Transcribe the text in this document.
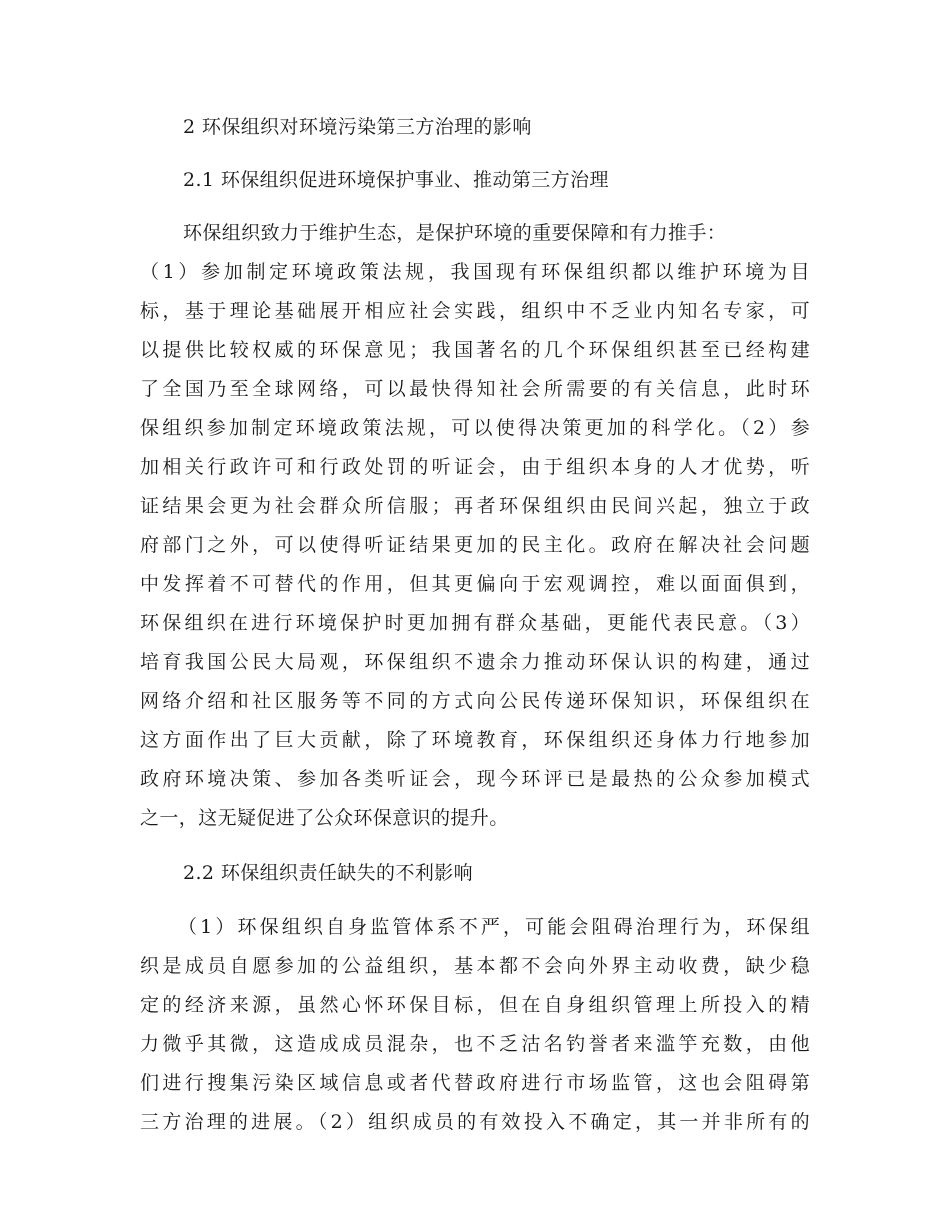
2 环保组织对环境污染第三方治理的影响
2.1 环保组织促进环境保护事业、推动第三方治理
环保组织致力于维护生态，是保护环境的重要保障和有力推手：
（1）参加制定环境政策法规，我国现有环保组织都以维护环境为目
标，基于理论基础展开相应社会实践，组织中不乏业内知名专家，可
以提供比较权威的环保意见；我国著名的几个环保组织甚至已经构建
了全国乃至全球网络，可以最快得知社会所需要的有关信息，此时环
保组织参加制定环境政策法规，可以使得决策更加的科学化。（2）参
加相关行政许可和行政处罚的听证会，由于组织本身的人才优势，听
证结果会更为社会群众所信服；再者环保组织由民间兴起，独立于政
府部门之外，可以使得听证结果更加的民主化。政府在解决社会问题
中发挥着不可替代的作用，但其更偏向于宏观调控，难以面面俱到，
环保组织在进行环境保护时更加拥有群众基础，更能代表民意。（3）
培育我国公民大局观，环保组织不遗余力推动环保认识的构建，通过
网络介绍和社区服务等不同的方式向公民传递环保知识，环保组织在
这方面作出了巨大贡献，除了环境教育，环保组织还身体力行地参加
政府环境决策、参加各类听证会，现今环评已是最热的公众参加模式
之一，这无疑促进了公众环保意识的提升。
2.2 环保组织责任缺失的不利影响
（1）环保组织自身监管体系不严，可能会阻碍治理行为，环保组
织是成员自愿参加的公益组织，基本都不会向外界主动收费，缺少稳
定的经济来源，虽然心怀环保目标，但在自身组织管理上所投入的精
力微乎其微，这造成成员混杂，也不乏沽名钓誉者来滥竽充数，由他
们进行搜集污染区域信息或者代替政府进行市场监管，这也会阻碍第
三方治理的进展。（2）组织成员的有效投入不确定，其一并非所有的
